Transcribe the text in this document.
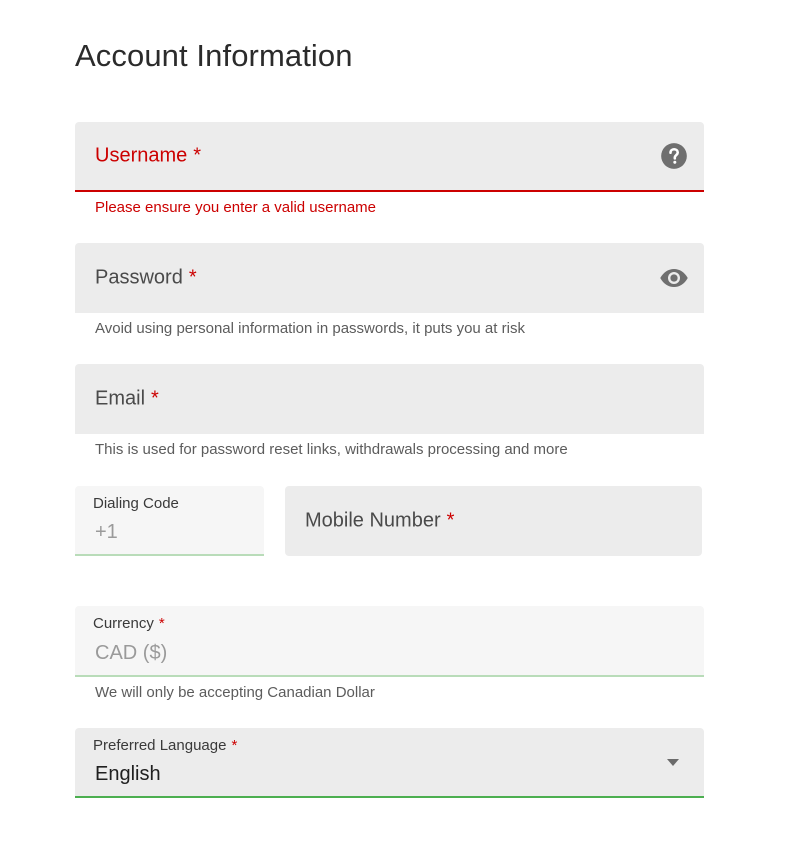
Account Information
Username *
Please ensure you enter a valid username
Password *
Avoid using personal information in passwords, it puts you at risk
Email *
This is used for password reset links, withdrawals processing and more
Dialing Code
+1
Mobile Number *
Currency *
CAD ($)
We will only be accepting Canadian Dollar
Preferred Language *
English
